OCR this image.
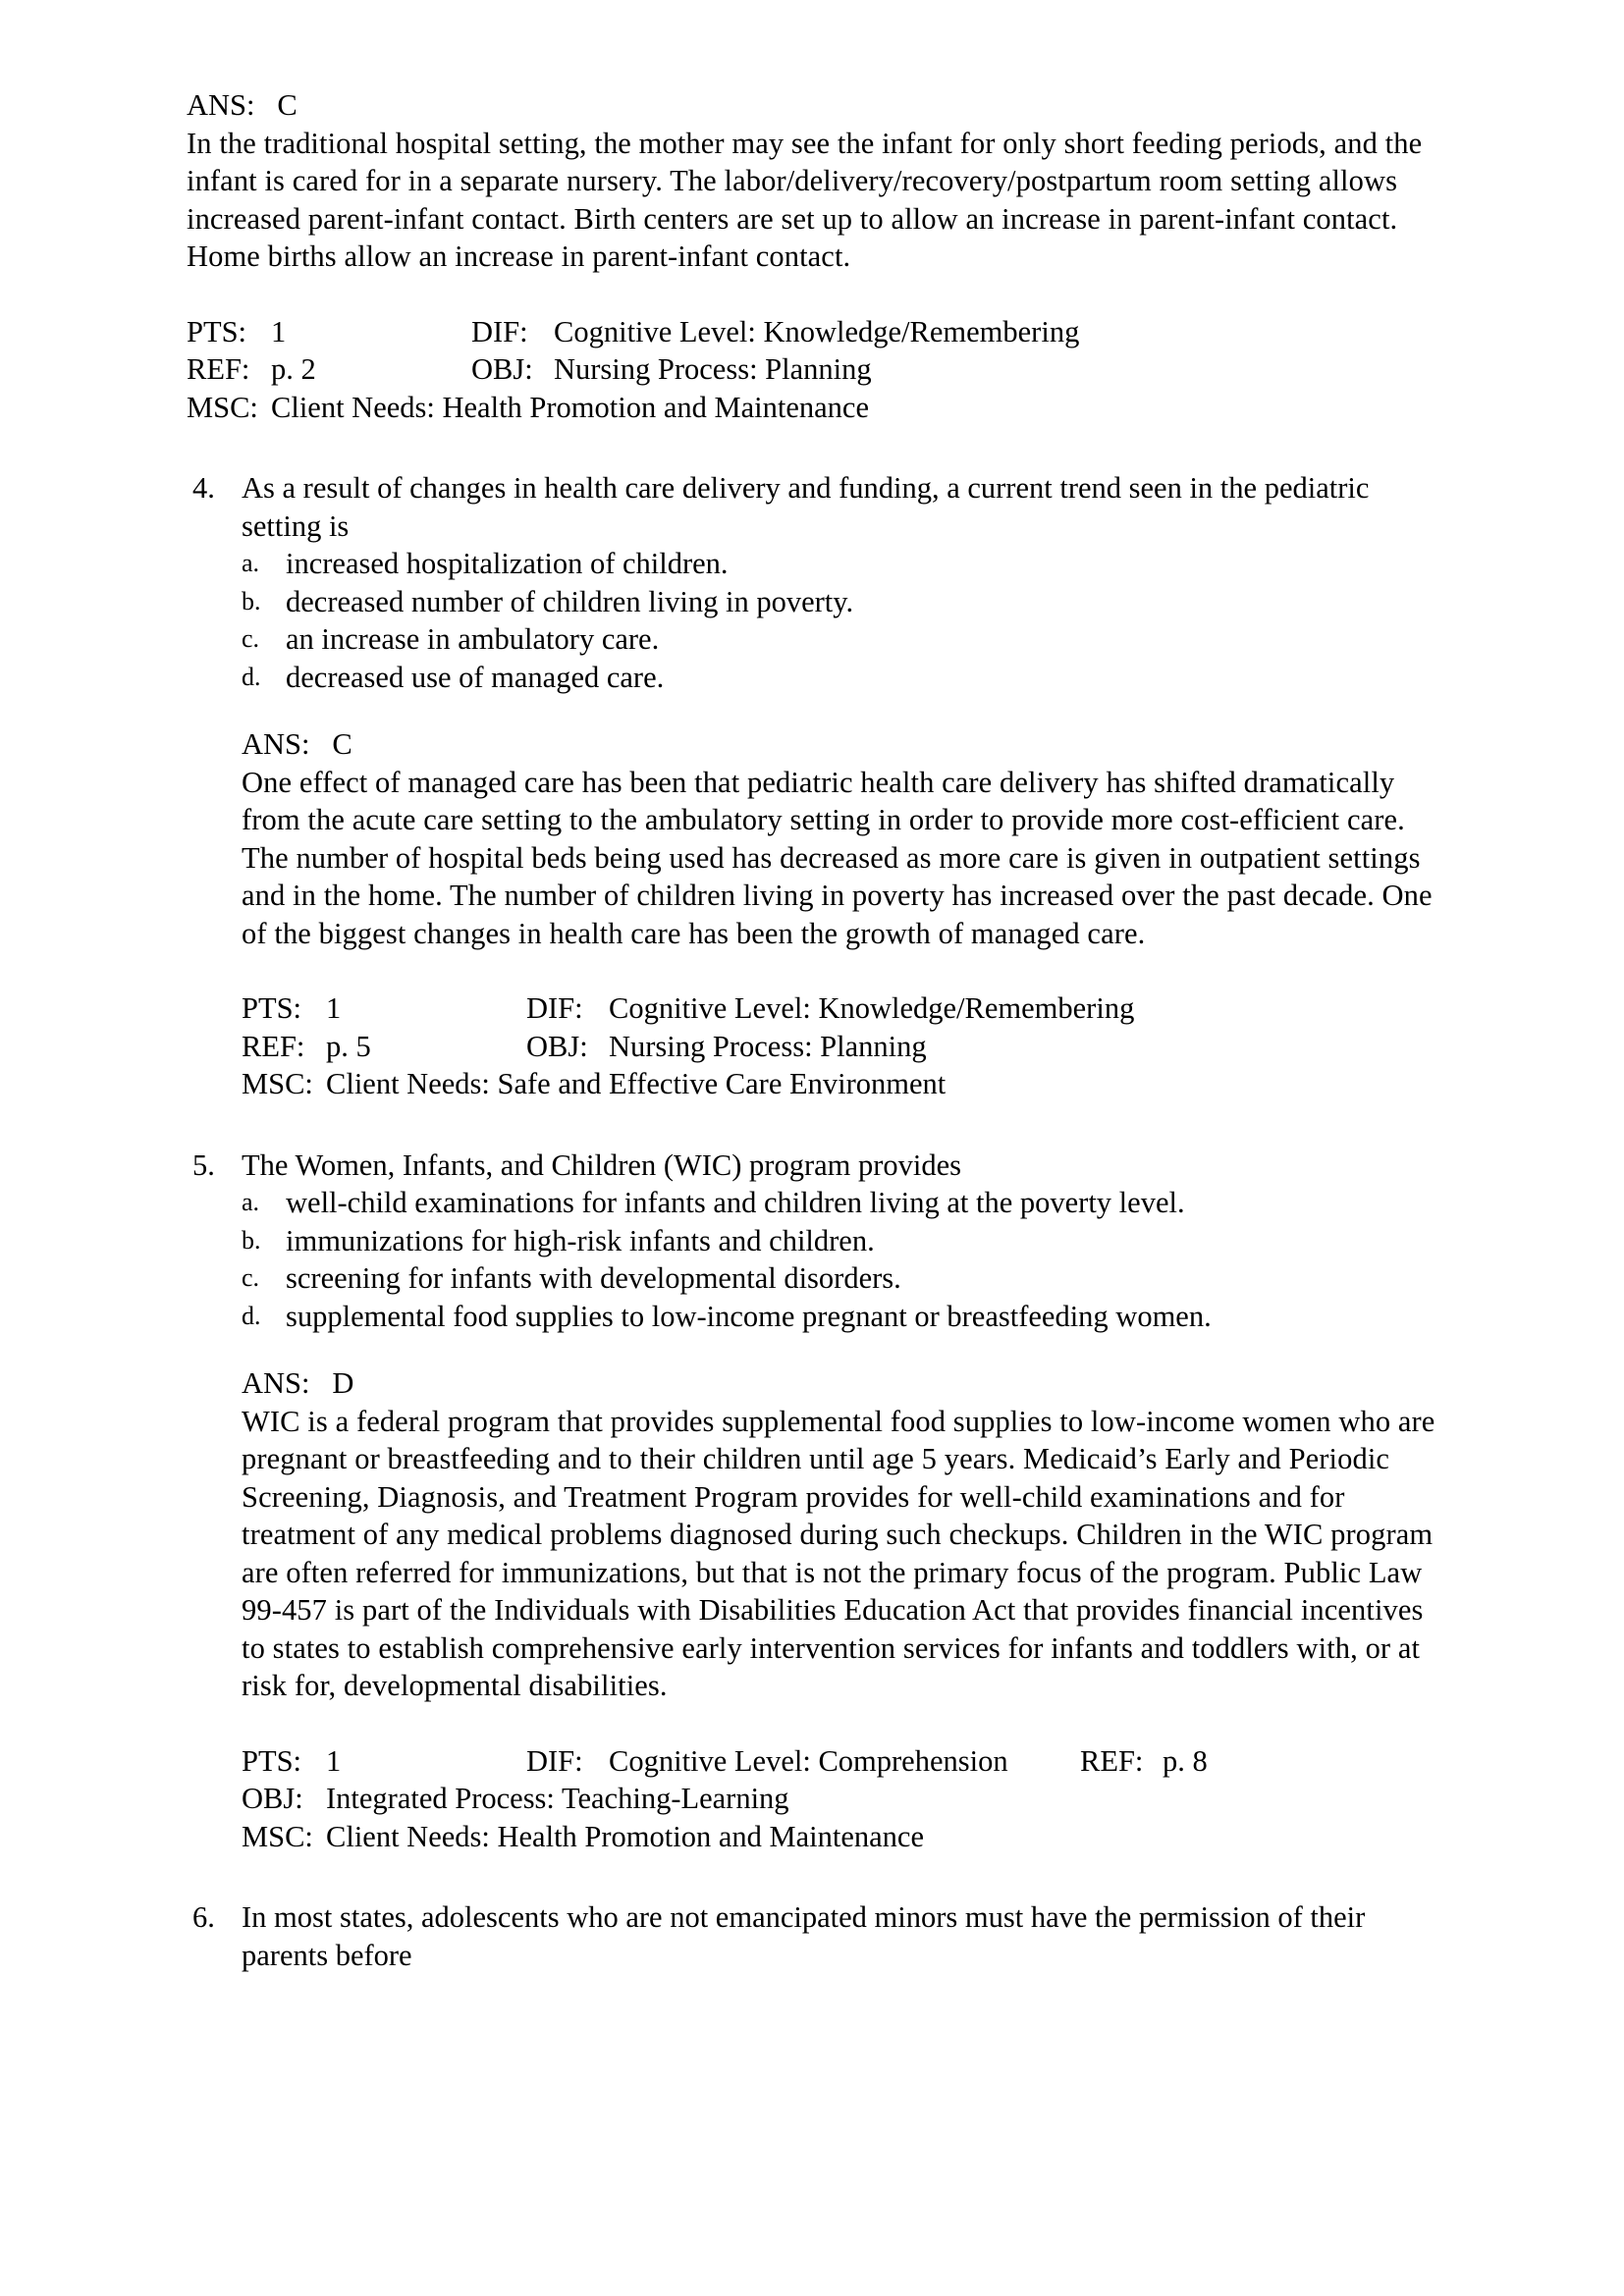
ANS: C

In the traditional hospital setting, the mother may see the infant for only short feeding periods, and the infant is cared for in a separate nursery. The labor/delivery/recovery/postpartum room setting allows increased parent-infant contact. Birth centers are set up to allow an increase in parent-infant contact. Home births allow an increase in parent-infant contact.

PTS: 1	DIF: Cognitive Level: Knowledge/Remembering
REF: p. 2	OBJ: Nursing Process: Planning
MSC: Client Needs: Health Promotion and Maintenance
4. As a result of changes in health care delivery and funding, a current trend seen in the pediatric setting is

a. increased hospitalization of children.
b. decreased number of children living in poverty.
c. an increase in ambulatory care.
d. decreased use of managed care.
ANS: C

One effect of managed care has been that pediatric health care delivery has shifted dramatically from the acute care setting to the ambulatory setting in order to provide more cost-efficient care. The number of hospital beds being used has decreased as more care is given in outpatient settings and in the home. The number of children living in poverty has increased over the past decade. One of the biggest changes in health care has been the growth of managed care.

PTS: 1	DIF: Cognitive Level: Knowledge/Remembering
REF: p. 5	OBJ: Nursing Process: Planning
MSC: Client Needs: Safe and Effective Care Environment
5. The Women, Infants, and Children (WIC) program provides

a. well-child examinations for infants and children living at the poverty level.
b. immunizations for high-risk infants and children.
c. screening for infants with developmental disorders.
d. supplemental food supplies to low-income pregnant or breastfeeding women.
ANS: D

WIC is a federal program that provides supplemental food supplies to low-income women who are pregnant or breastfeeding and to their children until age 5 years. Medicaid’s Early and Periodic Screening, Diagnosis, and Treatment Program provides for well-child examinations and for treatment of any medical problems diagnosed during such checkups. Children in the WIC program are often referred for immunizations, but that is not the primary focus of the program. Public Law 99-457 is part of the Individuals with Disabilities Education Act that provides financial incentives to states to establish comprehensive early intervention services for infants and toddlers with, or at risk for, developmental disabilities.

PTS: 1	DIF: Cognitive Level: Comprehension	REF: p. 8
OBJ: Integrated Process: Teaching-Learning
MSC: Client Needs: Health Promotion and Maintenance
6. In most states, adolescents who are not emancipated minors must have the permission of their parents before
